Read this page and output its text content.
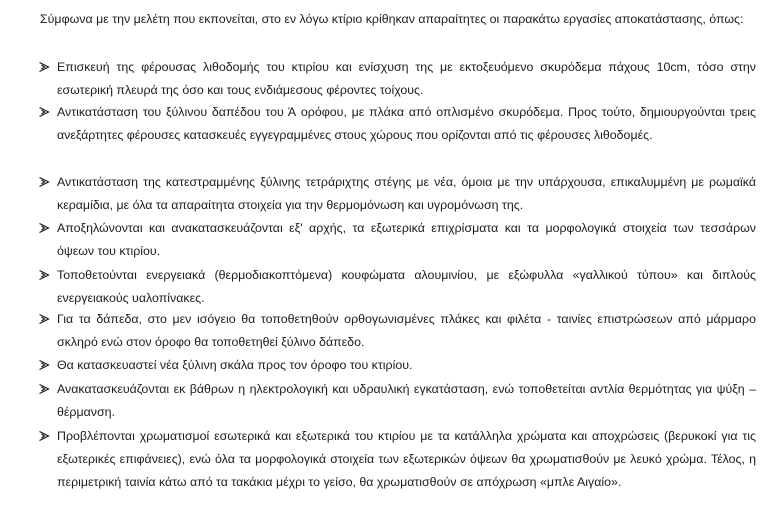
Σύμφωνα με την μελέτη που εκπονείται, στο εν λόγω κτίριο κρίθηκαν απαραίτητες οι παρακάτω εργασίες αποκατάστασης, όπως:

Επισκευή της φέρουσας λιθοδομής του κτιρίου και ενίσχυση της με εκτοξευόμενο σκυρόδεμα πάχους 10cm, τόσο στην εσωτερική πλευρά της όσο και τους ενδιάμεσους φέροντες τοίχους.

Αντικατάσταση του ξύλινου δαπέδου του Ά ορόφου, με πλάκα από οπλισμένο σκυρόδεμα. Προς τούτο, δημιουργούνται τρεις ανεξάρτητες φέρουσες κατασκευές εγγεγραμμένες στους χώρους που ορίζονται από τις φέρουσες λιθοδομές.

Αντικατάσταση της κατεστραμμένης ξύλινης τετράριχτης στέγης με νέα, όμοια με την υπάρχουσα, επικαλυμμένη με ρωμαϊκά κεραμίδια, με όλα τα απαραίτητα στοιχεία για την θερμομόνωση και υγρομόνωση της.

Αποξηλώνονται και ανακατασκευάζονται εξ' αρχής, τα εξωτερικά επιχρίσματα και τα μορφολογικά στοιχεία των τεσσάρων όψεων του κτιρίου.

Τοποθετούνται ενεργειακά (θερμοδιακοπτόμενα) κουφώματα αλουμινίου, με εξώφυλλα «γαλλικού τύπου» και διπλούς ενεργειακούς υαλοπίνακες.

Για τα δάπεδα, στο μεν ισόγειο θα τοποθετηθούν ορθογωνισμένες πλάκες και φιλέτα - ταινίες επιστρώσεων από μάρμαρο σκληρό ενώ στον όροφο θα τοποθετηθεί ξύλινο δάπεδο.

Θα κατασκευαστεί νέα ξύλινη σκάλα προς τον όροφο του κτιρίου.

Ανακατασκευάζονται εκ βάθρων η ηλεκτρολογική και υδραυλική εγκατάσταση, ενώ τοποθετείται αντλία θερμότητας για ψύξη – θέρμανση.

Προβλέπονται χρωματισμοί εσωτερικά και εξωτερικά του κτιρίου με τα κατάλληλα χρώματα και αποχρώσεις (βερυκοκί για τις εξωτερικές επιφάνειες), ενώ όλα τα μορφολογικά στοιχεία των εξωτερικών όψεων θα χρωματισθούν με λευκό χρώμα. Τέλος, η περιμετρική ταινία κάτω από τα τακάκια μέχρι το γείσο, θα χρωματισθούν σε απόχρωση «μπλε Αιγαίο».
